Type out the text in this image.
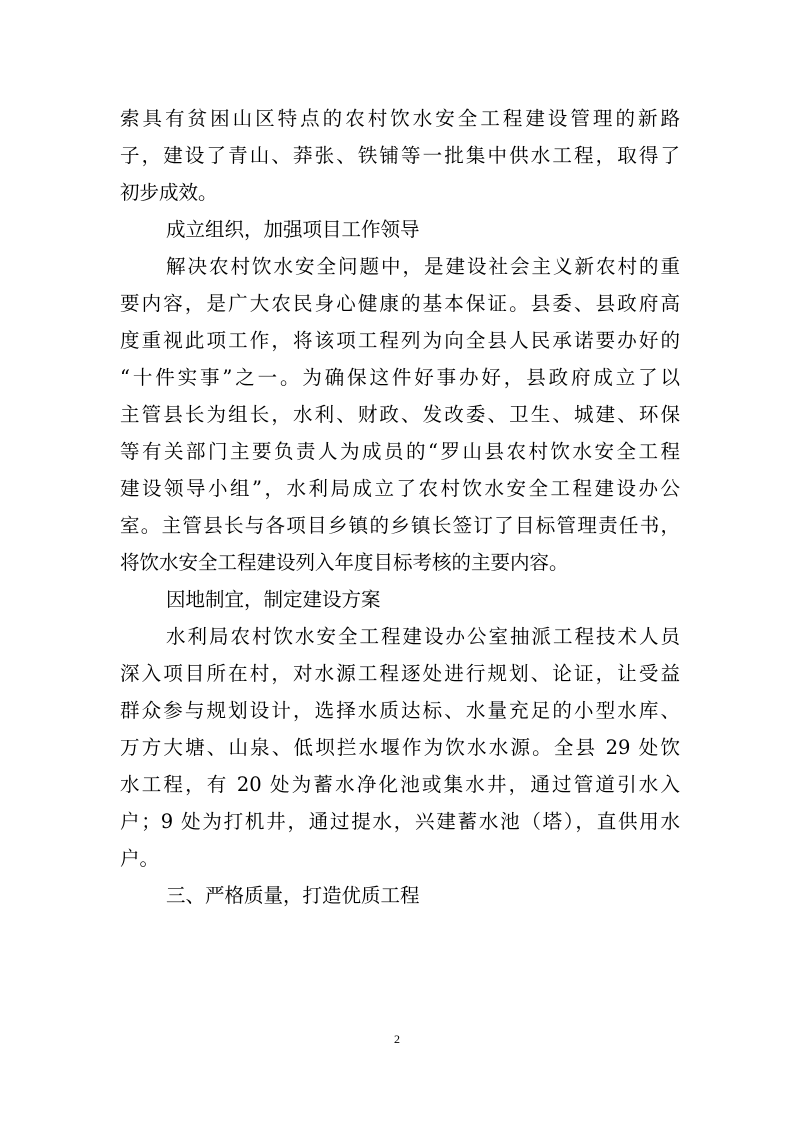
索具有贫困山区特点的农村饮水安全工程建设管理的新路
子，建设了青山、莽张、铁铺等一批集中供水工程，取得了
初步成效。
成立组织，加强项目工作领导
解决农村饮水安全问题中，是建设社会主义新农村的重
要内容，是广大农民身心健康的基本保证。县委、县政府高
度重视此项工作，将该项工程列为向全县人民承诺要办好的
“十件实事”之一。为确保这件好事办好，县政府成立了以
主管县长为组长，水利、财政、发改委、卫生、城建、环保
等有关部门主要负责人为成员的“罗山县农村饮水安全工程
建设领导小组”，水利局成立了农村饮水安全工程建设办公
室。主管县长与各项目乡镇的乡镇长签订了目标管理责任书，
将饮水安全工程建设列入年度目标考核的主要内容。
因地制宜，制定建设方案
水利局农村饮水安全工程建设办公室抽派工程技术人员
深入项目所在村，对水源工程逐处进行规划、论证，让受益
群众参与规划设计，选择水质达标、水量充足的小型水库、
万方大塘、山泉、低坝拦水堰作为饮水水源。全县 29 处饮
水工程，有 20 处为蓄水净化池或集水井，通过管道引水入
户；9 处为打机井，通过提水，兴建蓄水池（塔），直供用水
户。
三、严格质量，打造优质工程
2
